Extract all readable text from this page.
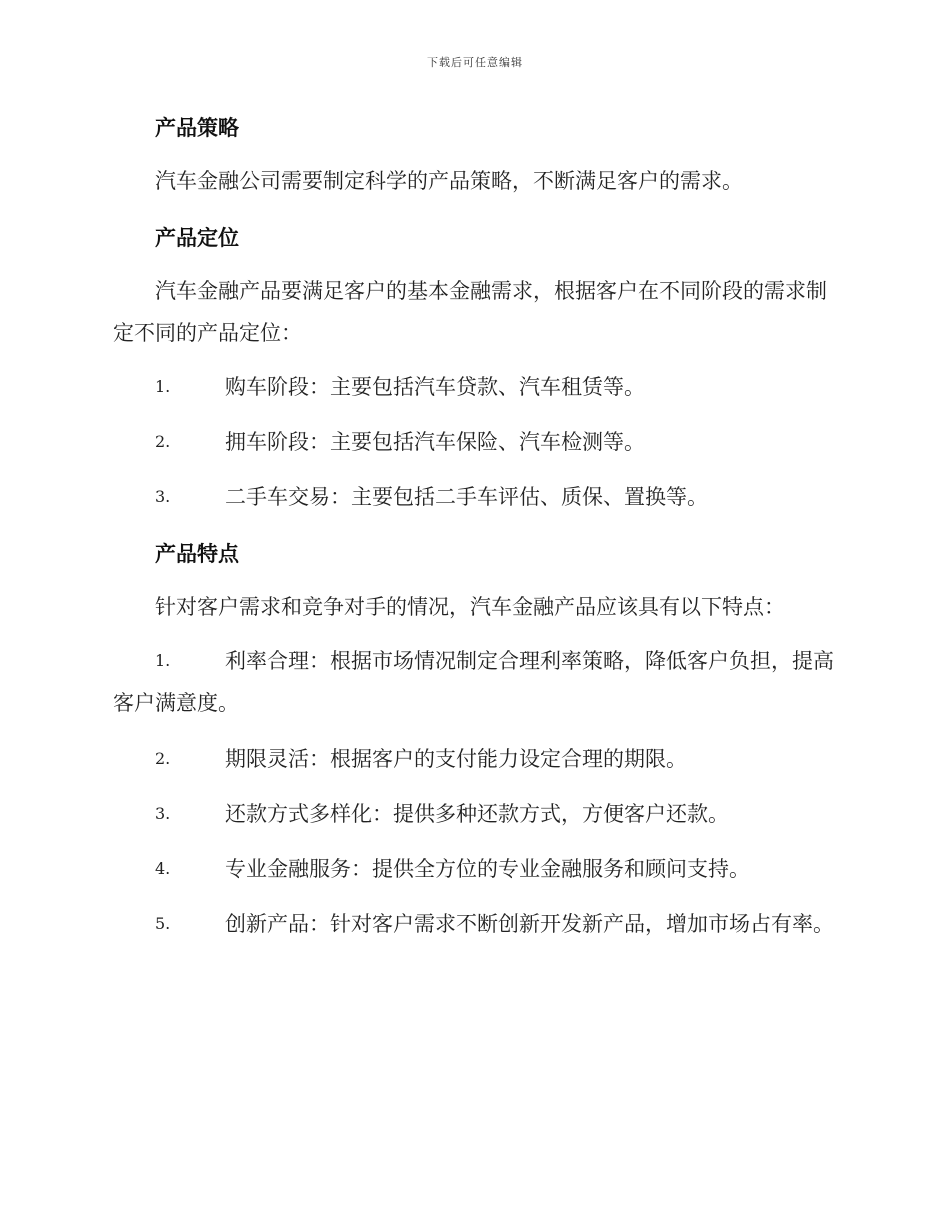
下载后可任意编辑
产品策略
汽车金融公司需要制定科学的产品策略，不断满足客户的需求。
产品定位
汽车金融产品要满足客户的基本金融需求，根据客户在不同阶段的需求制定不同的产品定位：
1.	购车阶段：主要包括汽车贷款、汽车租赁等。
2.	拥车阶段：主要包括汽车保险、汽车检测等。
3.	二手车交易：主要包括二手车评估、质保、置换等。
产品特点
针对客户需求和竞争对手的情况，汽车金融产品应该具有以下特点：
1.	利率合理：根据市场情况制定合理利率策略，降低客户负担，提高客户满意度。
2.	期限灵活：根据客户的支付能力设定合理的期限。
3.	还款方式多样化：提供多种还款方式，方便客户还款。
4.	专业金融服务：提供全方位的专业金融服务和顾问支持。
5.	创新产品：针对客户需求不断创新开发新产品，增加市场占有率。
